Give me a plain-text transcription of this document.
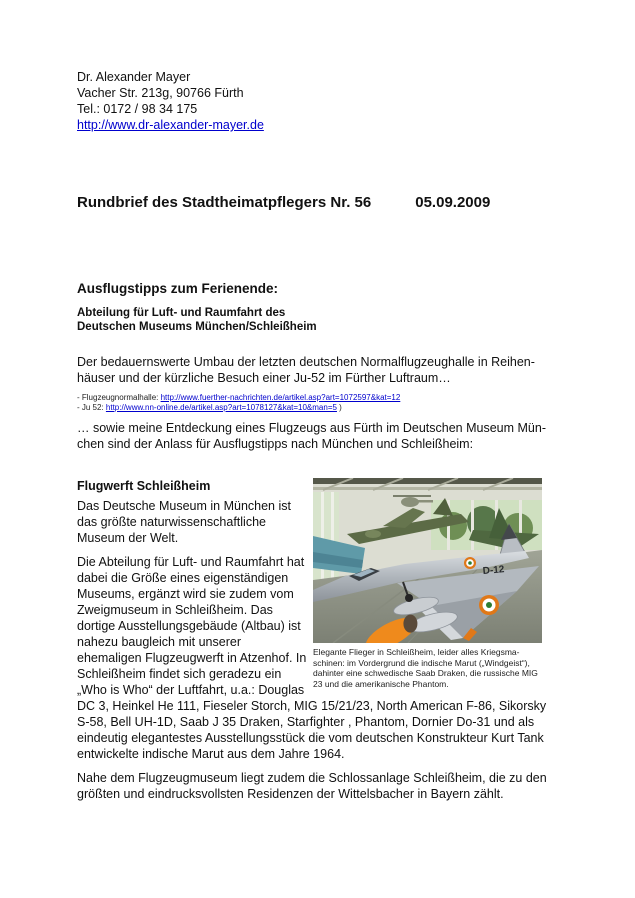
Dr. Alexander Mayer
Vacher Str. 213g, 90766 Fürth
Tel.: 0172 / 98 34 175
http://www.dr-alexander-mayer.de
Rundbrief des Stadtheimatpflegers Nr. 56	05.09.2009
Ausflugstipps zum Ferienende:
Abteilung für Luft- und Raumfahrt des
Deutschen Museums München/Schleißheim

Der bedauernswerte Umbau der letzten deutschen Normalflugzeughalle in Reihenhäuser und der kürzliche Besuch einer Ju-52 im Fürther Luftraum…

- Flugzeugnormalhalle: http://www.fuerther-nachrichten.de/artikel.asp?art=1072597&kat=12
- Ju 52: http://www.nn-online.de/artikel.asp?art=1078127&kat=10&man=5 )

… sowie meine Entdeckung eines Flugzeugs aus Fürth im Deutschen Museum München sind der Anlass für Ausflugstipps nach München und Schleißheim:

D-12
Elegante Flieger in Schleißheim, leider alles Kriegsmaschinen: im Vordergrund die indische Marut („Windgeist“), dahinter eine schwedische Saab Draken, die russische MIG 23 und die amerikanische Phantom.
Flugwerft Schleißheim

Das Deutsche Museum in München ist das größte naturwissenschaftliche Museum der Welt.

Die Abteilung für Luft- und Raumfahrt hat dabei die Größe eines eigenständigen Museums, ergänzt wird sie zudem vom Zweigmuseum in Schleißheim. Das dortige Ausstellungsgebäude (Altbau) ist nahezu baugleich mit unserer ehemaligen Flugzeugwerft in Atzenhof. In Schleißheim findet sich geradezu ein „Who is Who“ der Luftfahrt, u.a.: Douglas DC 3, Heinkel He 111, Fieseler Storch, MIG 15/21/23, North American F-86, Sikorsky S-58, Bell UH-1D, Saab J 35 Draken, Starfighter , Phantom, Dornier Do-31 und als eindeutig elegantestes Ausstellungsstück die vom deutschen Konstrukteur Kurt Tank entwickelte indische Marut aus dem Jahre 1964.

Nahe dem Flugzeugmuseum liegt zudem die Schlossanlage Schleißheim, die zu den größten und eindrucksvollsten Residenzen der Wittelsbacher in Bayern zählt.
